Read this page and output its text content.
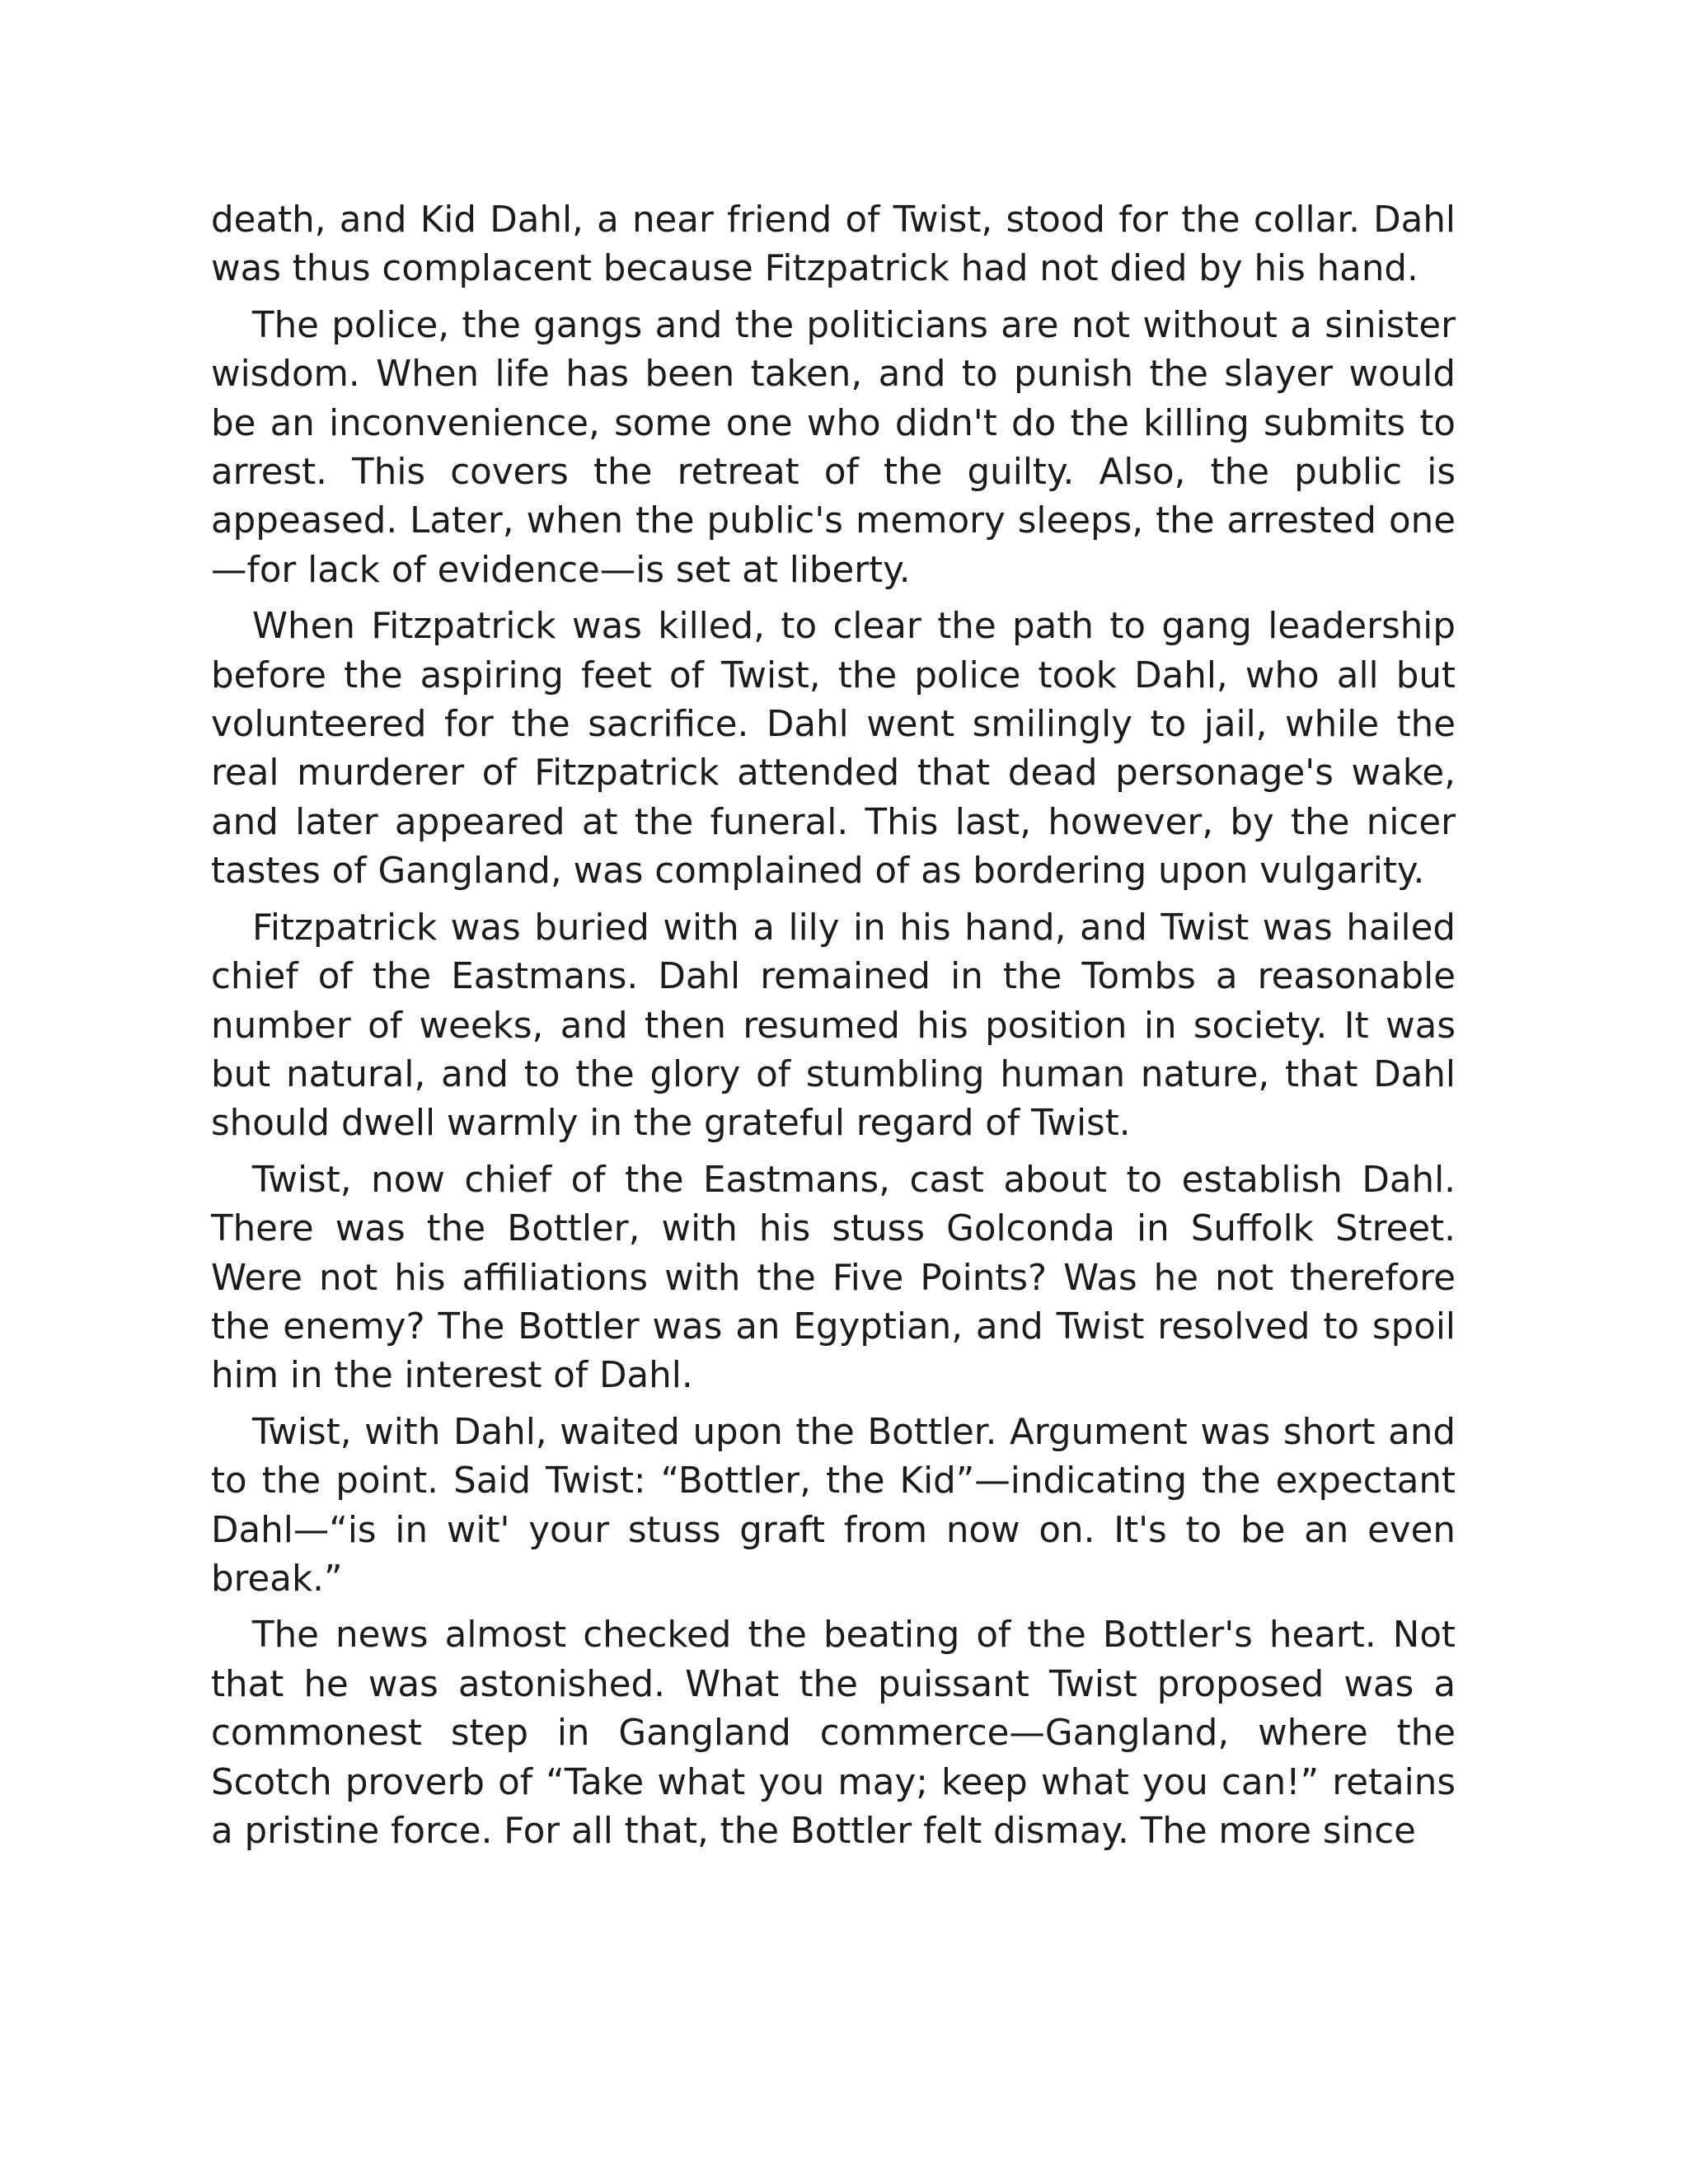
death, and Kid Dahl, a near friend of Twist, stood for the collar. Dahl was thus complacent because Fitzpatrick had not died by his hand.

The police, the gangs and the politicians are not without a sinister wisdom. When life has been taken, and to punish the slayer would be an inconvenience, some one who didn't do the killing submits to arrest. This covers the retreat of the guilty. Also, the public is appeased. Later, when the public's memory sleeps, the arrested one —for lack of evidence—is set at liberty.

When Fitzpatrick was killed, to clear the path to gang leadership before the aspiring feet of Twist, the police took Dahl, who all but volunteered for the sacrifice. Dahl went smilingly to jail, while the real murderer of Fitzpatrick attended that dead personage's wake, and later appeared at the funeral. This last, however, by the nicer tastes of Gangland, was complained of as bordering upon vulgarity.

Fitzpatrick was buried with a lily in his hand, and Twist was hailed chief of the Eastmans. Dahl remained in the Tombs a reasonable number of weeks, and then resumed his position in society. It was but natural, and to the glory of stumbling human nature, that Dahl should dwell warmly in the grateful regard of Twist.

Twist, now chief of the Eastmans, cast about to establish Dahl. There was the Bottler, with his stuss Golconda in Suffolk Street. Were not his affiliations with the Five Points? Was he not therefore the enemy? The Bottler was an Egyptian, and Twist resolved to spoil him in the interest of Dahl.

Twist, with Dahl, waited upon the Bottler. Argument was short and to the point. Said Twist: “Bottler, the Kid”—indicating the expectant Dahl—“is in wit' your stuss graft from now on. It's to be an even break.”

The news almost checked the beating of the Bottler's heart. Not that he was astonished. What the puissant Twist proposed was a commonest step in Gangland commerce—Gangland, where the Scotch proverb of “Take what you may; keep what you can!” retains a pristine force. For all that, the Bottler felt dismay. The more since
